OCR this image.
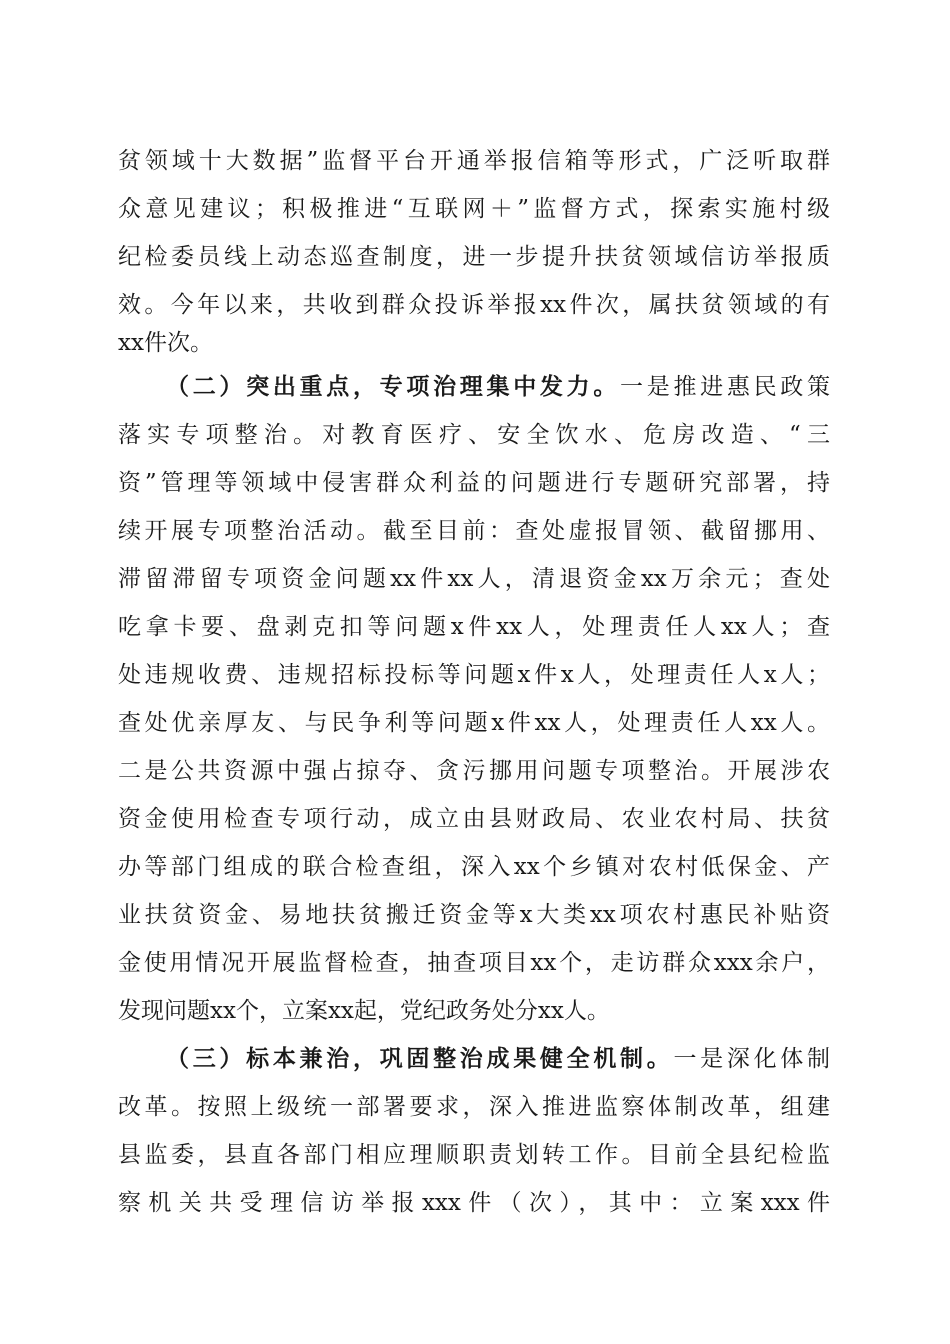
贫领域十大数据”监督平台开通举报信箱等形式，广泛听取群
众意见建议；积极推进“互联网＋”监督方式，探索实施村级
纪检委员线上动态巡查制度，进一步提升扶贫领域信访举报质
效。今年以来，共收到群众投诉举报xx件次，属扶贫领域的有
xx件次。
（二）突出重点，专项治理集中发力。一是推进惠民政策
落实专项整治。对教育医疗、安全饮水、危房改造、“三
资”管理等领域中侵害群众利益的问题进行专题研究部署，持
续开展专项整治活动。截至目前：查处虚报冒领、截留挪用、
滞留滞留专项资金问题xx件xx人，清退资金xx万余元；查处
吃拿卡要、盘剥克扣等问题x件xx人，处理责任人xx人；查
处违规收费、违规招标投标等问题x件x人，处理责任人x人；
查处优亲厚友、与民争利等问题x件xx人，处理责任人xx人。
二是公共资源中强占掠夺、贪污挪用问题专项整治。开展涉农
资金使用检查专项行动，成立由县财政局、农业农村局、扶贫
办等部门组成的联合检查组，深入xx个乡镇对农村低保金、产
业扶贫资金、易地扶贫搬迁资金等x大类xx项农村惠民补贴资
金使用情况开展监督检查，抽查项目xx个，走访群众xxx余户，
发现问题xx个，立案xx起，党纪政务处分xx人。
（三）标本兼治，巩固整治成果健全机制。一是深化体制
改革。按照上级统一部署要求，深入推进监察体制改革，组建
县监委，县直各部门相应理顺职责划转工作。目前全县纪检监
察机关共受理信访举报xxx件（次），其中：立案xxx件
